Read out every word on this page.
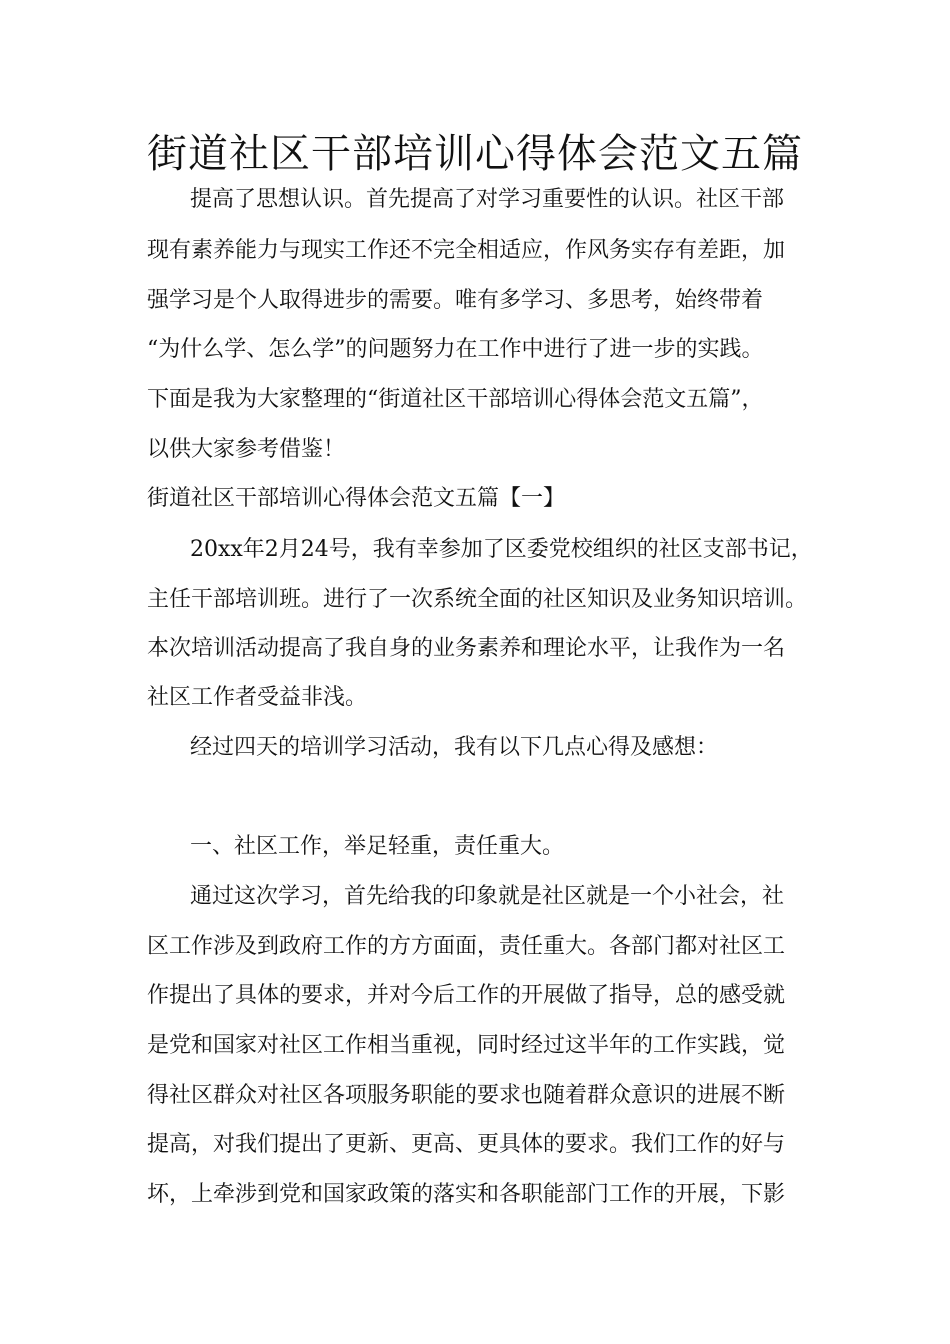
街道社区干部培训心得体会范文五篇

提高了思想认识。首先提高了对学习重要性的认识。社区干部

现有素养能力与现实工作还不完全相适应，作风务实存有差距，加

强学习是个人取得进步的需要。唯有多学习、多思考，始终带着

“为什么学、怎么学”的问题努力在工作中进行了进一步的实践。

下面是我为大家整理的“街道社区干部培训心得体会范文五篇”，

以供大家参考借鉴！

街道社区干部培训心得体会范文五篇【一】

20xx年2月24号，我有幸参加了区委党校组织的社区支部书记，

主任干部培训班。进行了一次系统全面的社区知识及业务知识培训。

本次培训活动提高了我自身的业务素养和理论水平，让我作为一名

社区工作者受益非浅。

经过四天的培训学习活动，我有以下几点心得及感想：

一、社区工作，举足轻重，责任重大。

通过这次学习，首先给我的印象就是社区就是一个小社会，社

区工作涉及到政府工作的方方面面，责任重大。各部门都对社区工

作提出了具体的要求，并对今后工作的开展做了指导，总的感受就

是党和国家对社区工作相当重视，同时经过这半年的工作实践，觉

得社区群众对社区各项服务职能的要求也随着群众意识的进展不断

提高，对我们提出了更新、更高、更具体的要求。我们工作的好与

坏，上牵涉到党和国家政策的落实和各职能部门工作的开展，下影
